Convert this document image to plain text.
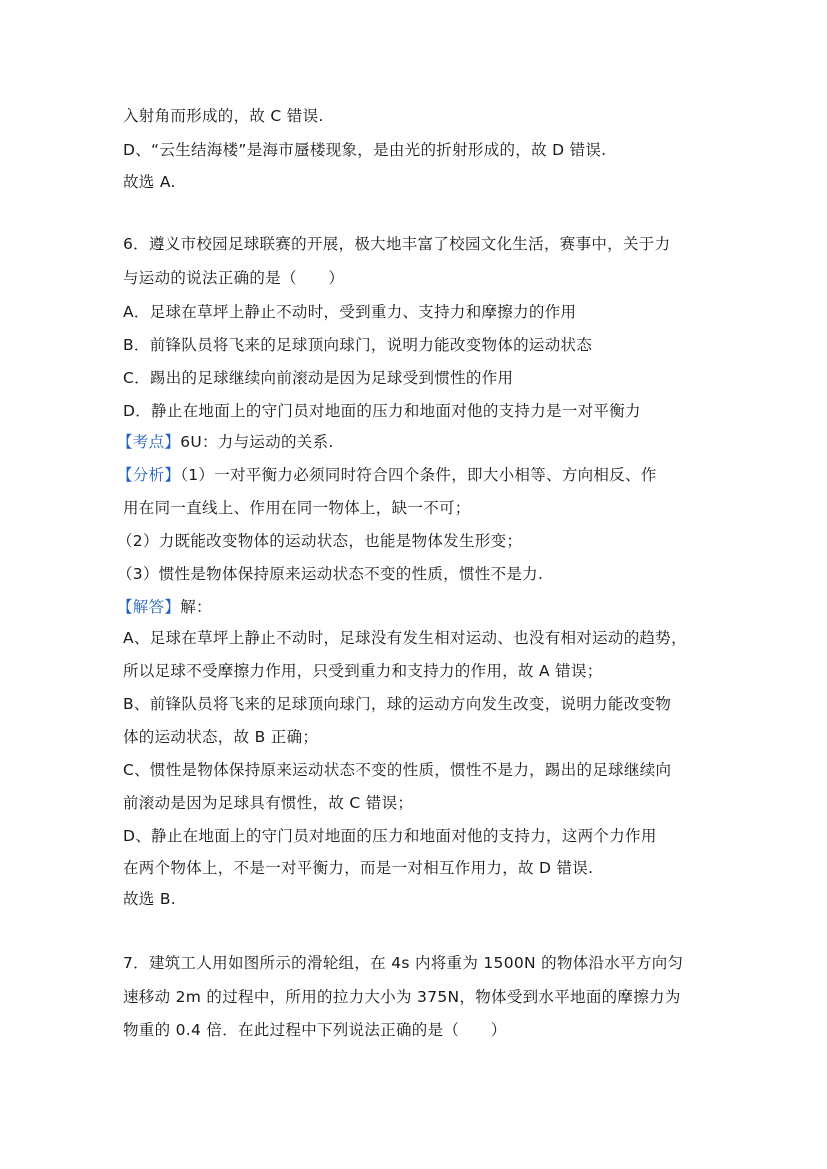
入射角而形成的，故 C 错误.
D、“云生结海楼”是海市蜃楼现象，是由光的折射形成的，故 D 错误.
故选 A.
6．遵义市校园足球联赛的开展，极大地丰富了校园文化生活，赛事中，关于力
与运动的说法正确的是（　　）
A．足球在草坪上静止不动时，受到重力、支持力和摩擦力的作用
B．前锋队员将飞来的足球顶向球门，说明力能改变物体的运动状态
C．踢出的足球继续向前滚动是因为足球受到惯性的作用
D．静止在地面上的守门员对地面的压力和地面对他的支持力是一对平衡力
【考点】6U：力与运动的关系.
【分析】（1）一对平衡力必须同时符合四个条件，即大小相等、方向相反、作
用在同一直线上、作用在同一物体上，缺一不可；
（2）力既能改变物体的运动状态，也能是物体发生形变；
（3）惯性是物体保持原来运动状态不变的性质，惯性不是力.
【解答】解：
A、足球在草坪上静止不动时，足球没有发生相对运动、也没有相对运动的趋势，
所以足球不受摩擦力作用，只受到重力和支持力的作用，故 A 错误；
B、前锋队员将飞来的足球顶向球门，球的运动方向发生改变，说明力能改变物
体的运动状态，故 B 正确；
C、惯性是物体保持原来运动状态不变的性质，惯性不是力，踢出的足球继续向
前滚动是因为足球具有惯性，故 C 错误；
D、静止在地面上的守门员对地面的压力和地面对他的支持力，这两个力作用
在两个物体上，不是一对平衡力，而是一对相互作用力，故 D 错误.
故选 B.
7．建筑工人用如图所示的滑轮组，在 4s 内将重为 1500N 的物体沿水平方向匀
速移动 2m 的过程中，所用的拉力大小为 375N，物体受到水平地面的摩擦力为
物重的 0.4 倍．在此过程中下列说法正确的是（　　）
